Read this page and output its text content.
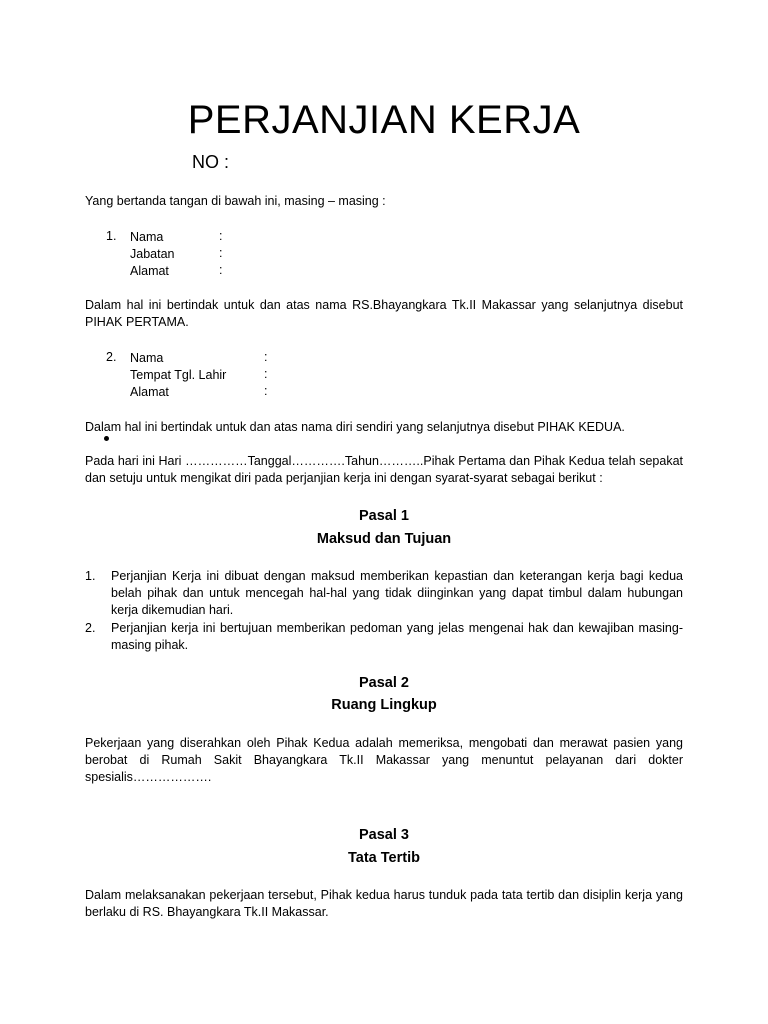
PERJANJIAN KERJA
NO :
Yang bertanda tangan di bawah ini, masing – masing :
1. Nama	:
Jabatan	:
Alamat	:
Dalam hal ini bertindak untuk dan atas nama RS.Bhayangkara Tk.II Makassar yang selanjutnya disebut PIHAK PERTAMA.
2. Nama	:
Tempat Tgl. Lahir	:
Alamat	:
Dalam hal ini bertindak untuk dan atas nama diri sendiri yang selanjutnya disebut PIHAK KEDUA.
Pada hari ini Hari ……………Tanggal………….Tahun………..Pihak Pertama dan Pihak Kedua telah sepakat dan setuju untuk mengikat diri pada perjanjian kerja ini dengan syarat-syarat sebagai berikut :
Pasal 1
Maksud dan Tujuan
1. Perjanjian Kerja ini dibuat dengan maksud memberikan kepastian dan keterangan kerja bagi kedua belah pihak dan untuk mencegah hal-hal yang tidak diinginkan yang dapat timbul dalam hubungan kerja dikemudian hari.
2. Perjanjian kerja ini bertujuan memberikan pedoman yang jelas mengenai hak dan kewajiban masing-masing pihak.
Pasal 2
Ruang Lingkup
Pekerjaan yang diserahkan oleh Pihak Kedua adalah memeriksa, mengobati dan merawat pasien yang berobat di Rumah Sakit Bhayangkara Tk.II Makassar yang menuntut pelayanan dari dokter spesialis……………….
Pasal 3
Tata Tertib
Dalam melaksanakan pekerjaan tersebut, Pihak kedua harus tunduk pada tata tertib dan disiplin kerja yang berlaku di RS. Bhayangkara Tk.II Makassar.
